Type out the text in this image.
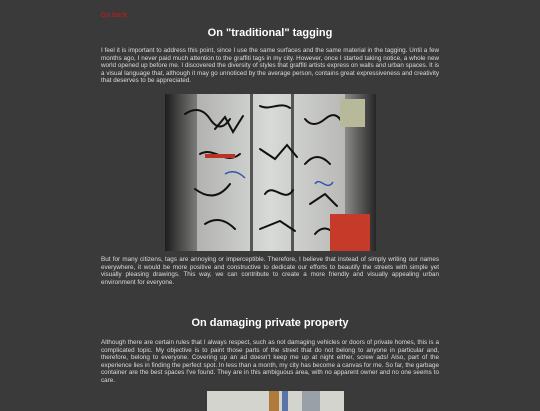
Go back
On "traditional" tagging

I feel it is important to address this point, since I use the same surfaces and the same material in the tagging. Until a few months ago, I never paid much attention to the graffiti tags in my city. However, once I started taking notice, a whole new world opened up before me. I discovered the diversity of styles that graffiti artists express on walls and urban spaces. It is a visual language that, although it may go unnoticed by the average person, contains great expressiveness and creativity that deserves to be appreciated.

But for many citizens, tags are annoying or imperceptible. Therefore, I believe that instead of simply writing our names everywhere, it would be more positive and constructive to dedicate our efforts to beautify the streets with simple yet visually pleasing drawings. This way, we can contribute to create a more friendly and visually appealing urban environment for everyone.

On damaging private property

Although there are certain rules that I always respect, such as not damaging vehicles or doors of private homes, this is a complicated topic. My objective is to paint those parts of the street that do not belong to anyone in particular and, therefore, belong to everyone. Covering up an ad doesn't keep me up at night either, screw ads! Also, part of the experience lies in finding the perfect spot. In less than a month, my city has become a canvas for me. So far, the garbage container are the best spaces I've found. They are in this ambiguous area, with no apparent owner and no one seems to care.
